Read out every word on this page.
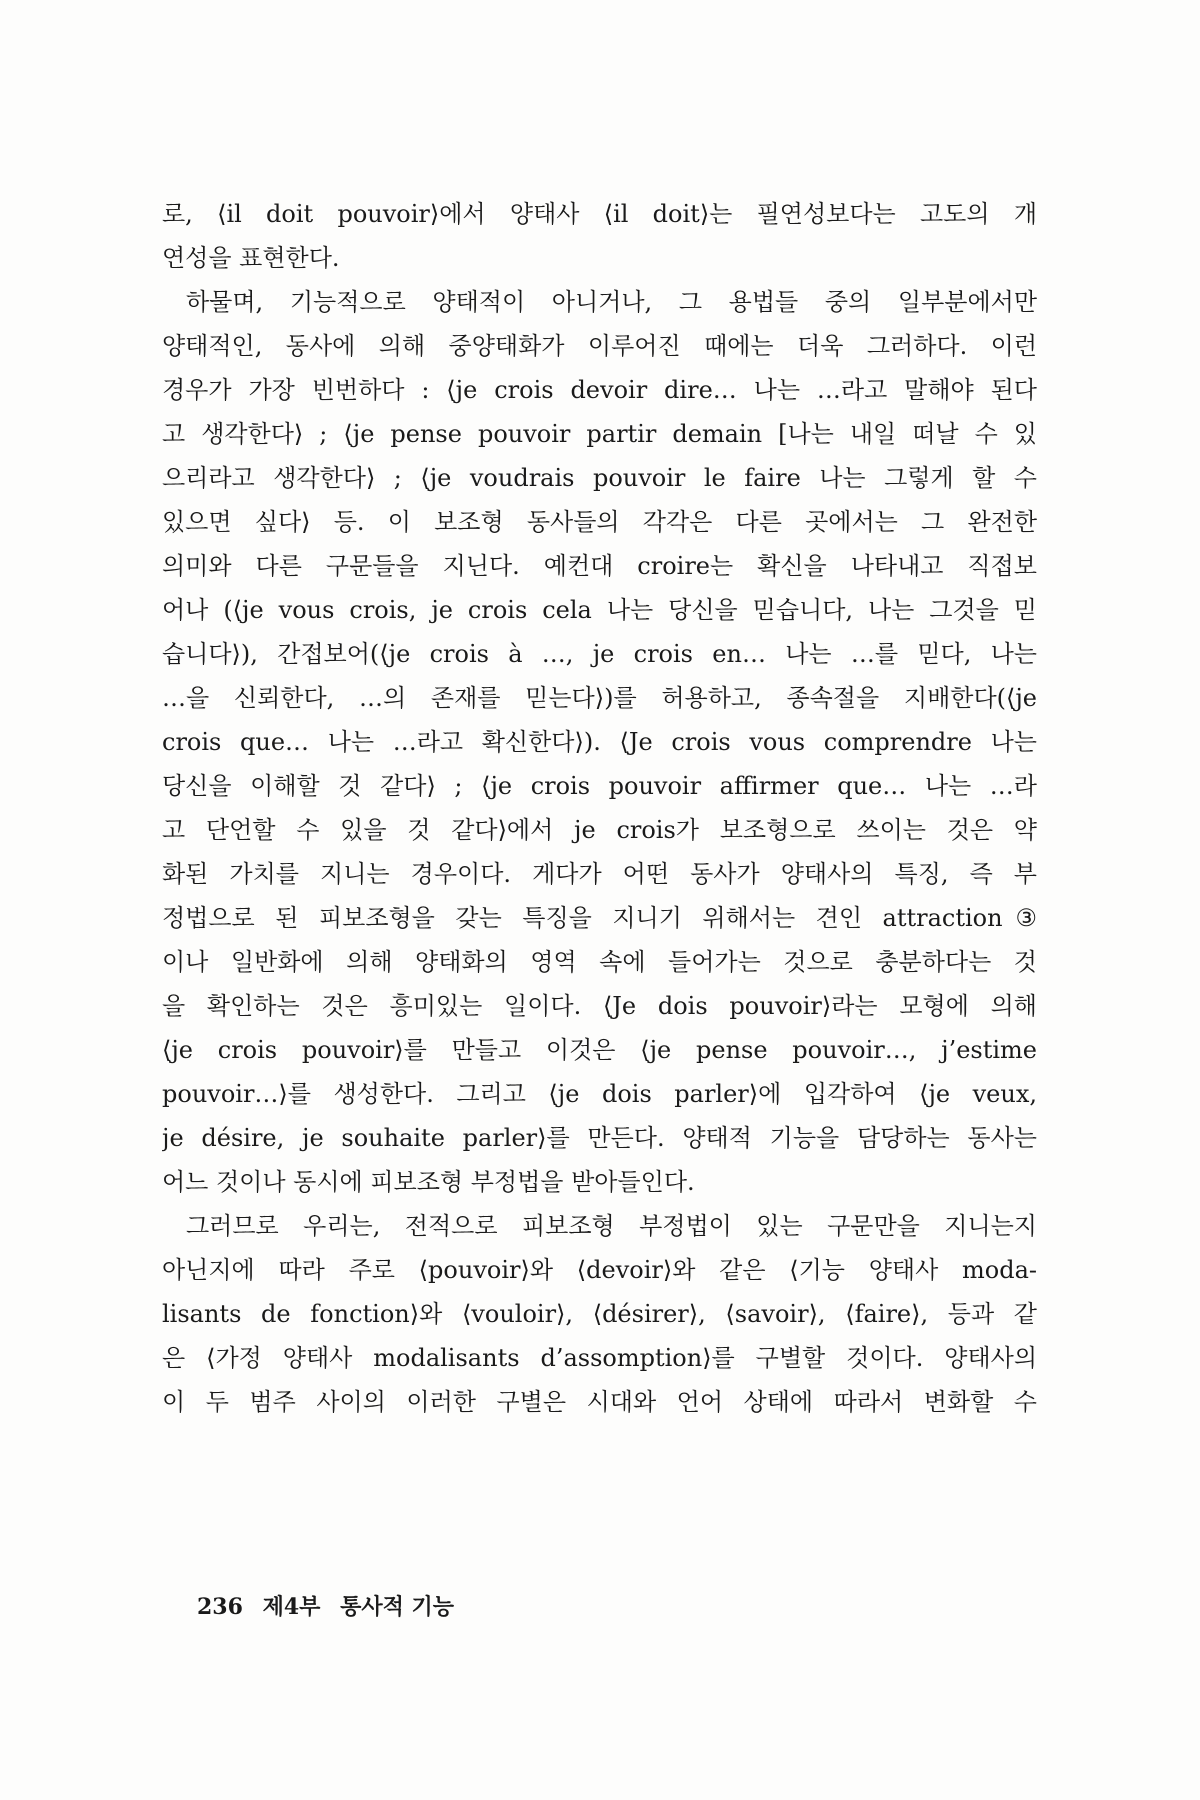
로, ⟨il doit pouvoir⟩에서 양태사 ⟨il doit⟩는 필연성보다는 고도의 개
연성을 표현한다.
하물며, 기능적으로 양태적이 아니거나, 그 용법들 중의 일부분에서만
양태적인, 동사에 의해 중양태화가 이루어진 때에는 더욱 그러하다. 이런
경우가 가장 빈번하다 : ⟨je crois devoir dire… 나는 …라고 말해야 된다
고 생각한다⟩ ; ⟨je pense pouvoir partir demain [나는 내일 떠날 수 있
으리라고 생각한다⟩ ; ⟨je voudrais pouvoir le faire 나는 그렇게 할 수
있으면 싶다⟩ 등. 이 보조형 동사들의 각각은 다른 곳에서는 그 완전한
의미와 다른 구문들을 지닌다. 예컨대 croire는 확신을 나타내고 직접보
어나 (⟨je vous crois, je crois cela 나는 당신을 믿습니다, 나는 그것을 믿
습니다⟩), 간접보어(⟨je crois à …, je crois en… 나는 …를 믿다, 나는
…을 신뢰한다, …의 존재를 믿는다⟩)를 허용하고, 종속절을 지배한다(⟨je
crois que… 나는 …라고 확신한다⟩). ⟨Je crois vous comprendre 나는
당신을 이해할 것 같다⟩ ; ⟨je crois pouvoir affirmer que… 나는 …라
고 단언할 수 있을 것 같다⟩에서 je crois가 보조형으로 쓰이는 것은 약
화된 가치를 지니는 경우이다. 게다가 어떤 동사가 양태사의 특징, 즉 부
정법으로 된 피보조형을 갖는 특징을 지니기 위해서는 견인 attraction③
이나 일반화에 의해 양태화의 영역 속에 들어가는 것으로 충분하다는 것
을 확인하는 것은 흥미있는 일이다. ⟨Je dois pouvoir⟩라는 모형에 의해
⟨je crois pouvoir⟩를 만들고 이것은 ⟨je pense pouvoir…, j’estime
pouvoir…⟩를 생성한다. 그리고 ⟨je dois parler⟩에 입각하여 ⟨je veux,
je désire, je souhaite parler⟩를 만든다. 양태적 기능을 담당하는 동사는
어느 것이나 동시에 피보조형 부정법을 받아들인다.
그러므로 우리는, 전적으로 피보조형 부정법이 있는 구문만을 지니는지
아닌지에 따라 주로 ⟨pouvoir⟩와 ⟨devoir⟩와 같은 ⟨기능 양태사 moda-
lisants de fonction⟩와 ⟨vouloir⟩, ⟨désirer⟩, ⟨savoir⟩, ⟨faire⟩, 등과 같
은 ⟨가정 양태사 modalisants d’assomption⟩를 구별할 것이다. 양태사의
이 두 범주 사이의 이러한 구별은 시대와 언어 상태에 따라서 변화할 수
236 제4부 통사적 기능
